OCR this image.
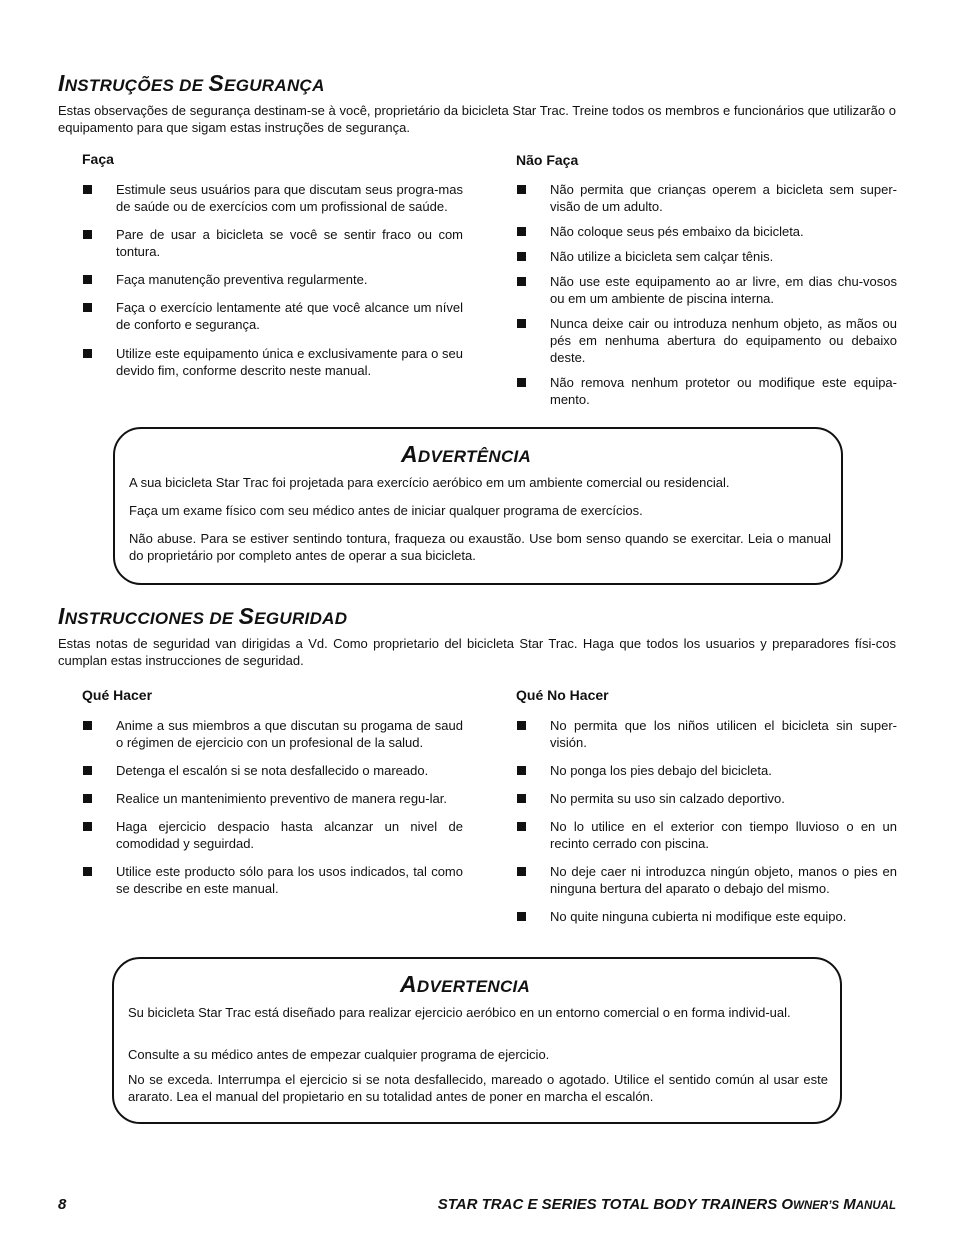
INSTRUÇÕES DE SEGURANÇA
Estas observações de segurança destinam-se à você, proprietário da bicicleta Star Trac. Treine todos os membros e funcionários que utilizarão o equipamento para que sigam estas instruções de segurança.
Faça
Estimule seus usuários para que discutam seus progra-mas de saúde ou de exercícios com um profissional de saúde.
Pare de usar a bicicleta se você se sentir fraco ou com tontura.
Faça manutenção preventiva regularmente.
Faça o exercício lentamente até que você alcance um nível de conforto e segurança.
Utilize este equipamento única e exclusivamente para o seu devido fim, conforme descrito neste manual.
Não Faça
Não permita que crianças operem a bicicleta sem super-visão de um adulto.
Não coloque seus pés embaixo da bicicleta.
Não utilize a bicicleta sem calçar tênis.
Não use este equipamento ao ar livre, em dias chu-vosos ou em um ambiente de piscina interna.
Nunca deixe cair ou introduza nenhum objeto, as mãos ou pés em nenhuma abertura do equipamento ou debaixo deste.
Não remova nenhum protetor ou modifique este equipa-mento.
ADVERTÊNCIA
A sua bicicleta Star Trac foi projetada para exercício aeróbico em um ambiente comercial ou residencial.
Faça um exame físico com seu médico antes de iniciar qualquer programa de exercícios.
Não abuse. Para se estiver sentindo tontura, fraqueza ou exaustão. Use bom senso quando se exercitar. Leia o manual do proprietário por completo antes de operar a sua bicicleta.
INSTRUCCIONES DE SEGURIDAD
Estas notas de seguridad van dirigidas a Vd. Como proprietario del bicicleta Star Trac. Haga que todos los usuarios y preparadores físi-cos cumplan estas instrucciones de seguridad.
Qué Hacer
Anime a sus miembros a que discutan su progama de saud o régimen de ejercicio con un profesional de la salud.
Detenga el escalón si se nota desfallecido o mareado.
Realice un mantenimiento preventivo de manera regu-lar.
Haga ejercicio despacio hasta alcanzar un nivel de comodidad y seguirdad.
Utilice este producto sólo para los usos indicados, tal como se describe en este manual.
Qué No Hacer
No permita que los niños utilicen el bicicleta sin super-visión.
No ponga los pies debajo del bicicleta.
No permita su uso sin calzado deportivo.
No lo utilice en el exterior con tiempo lluvioso o en un recinto cerrado con piscina.
No deje caer ni introduzca ningún objeto, manos o pies en ninguna bertura del aparato o debajo del mismo.
No quite ninguna cubierta ni modifique este equipo.
ADVERTENCIA
Su bicicleta Star Trac está diseñado para realizar ejercicio aeróbico en un entorno comercial o en forma individ-ual.
Consulte a su médico antes de empezar cualquier programa de ejercicio.
No se exceda. Interrumpa el ejercicio si se nota desfallecido, mareado o agotado. Utilice el sentido común al usar este araratо. Lea el manual del propietario en su totalidad antes de poner en marcha el escalón.
8	STAR TRAC E SERIES TOTAL BODY TRAINERS OWNER’S MANUAL
